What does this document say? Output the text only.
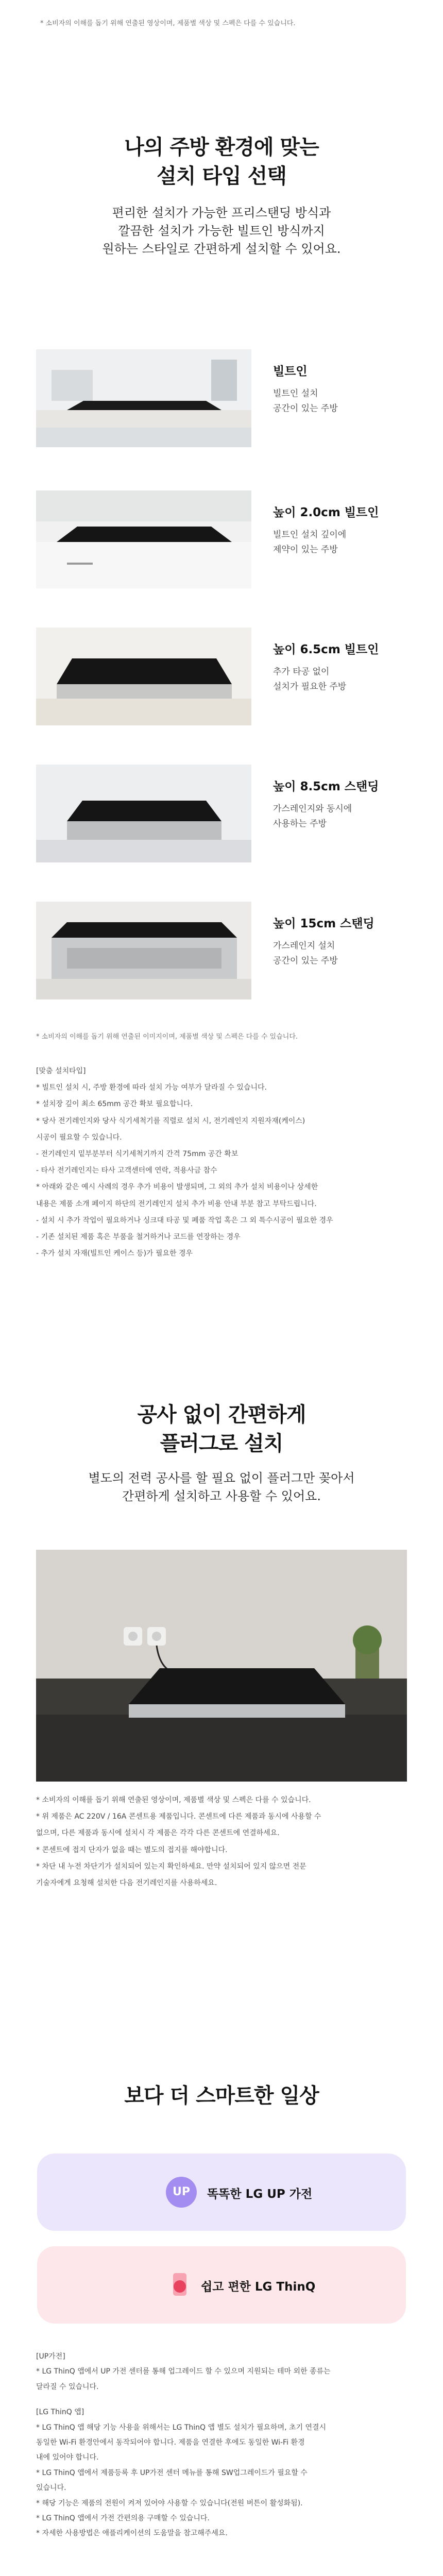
* 소비자의 이해를 돕기 위해 연출된 영상이며, 제품별 색상 및 스펙은 다를 수 있습니다.
나의 주방 환경에 맞는
설치 타입 선택
편리한 설치가 가능한 프리스탠딩 방식과
깔끔한 설치가 가능한 빌트인 방식까지
원하는 스타일로 간편하게 설치할 수 있어요.
빌트인
빌트인 설치
공간이 있는 주방
높이 2.0cm 빌트인
빌트인 설치 깊이에
제약이 있는 주방
높이 6.5cm 빌트인
추가 타공 없이
설치가 필요한 주방
높이 8.5cm 스탠딩
가스레인지와 동시에
사용하는 주방
높이 15cm 스탠딩
가스레인지 설치
공간이 있는 주방
* 소비자의 이해를 돕기 위해 연출된 이미지이며, 제품별 색상 및 스펙은 다를 수 있습니다.
[맞춤 설치타입]
* 빌트인 설치 시, 주방 환경에 따라 설치 가능 여부가 달라질 수 있습니다.
* 설치장 깊이 최소 65mm 공간 확보 필요합니다.
* 당사 전기레인지와 당사 식기세척기를 직렬로 설치 시, 전기레인지 지원자재(케이스)
시공이 필요할 수 있습니다.
- 전기레인지 밑부분부터 식기세척기까지 간격 75mm 공간 확보
- 타사 전기레인지는 타사 고객센터에 연락, 적용사금 참수
* 아래와 같은 예시 사례의 경우 추가 비용이 발생되며, 그 외의 추가 설치 비용이나 상세한
내용은 제품 소개 페이지 하단의 전기레인지 설치 추가 비용 안내 부분 참고 부탁드립니다.
- 설치 시 추가 작업이 필요하거나 싱크대 타공 및 폐품 작업 혹은 그 외 특수시공이 필요한 경우
- 기존 설치된 제품 혹은 부품을 철거하거나 코드를 연장하는 경우
- 추가 설치 자재(빌트인 케이스 등)가 필요한 경우
공사 없이 간편하게
플러그로 설치
별도의 전력 공사를 할 필요 없이 플러그만 꽂아서
간편하게 설치하고 사용할 수 있어요.
* 소비자의 이해를 돕기 위해 연출된 영상이며, 제품별 색상 및 스펙은 다를 수 있습니다.
* 위 제품은 AC 220V / 16A 콘센트용 제품입니다. 콘센트에 다른 제품과 동시에 사용할 수
없으며, 다른 제품과 동시에 설치시 각 제품은 각각 다른 콘센트에 연결하세요.
* 콘센트에 접지 단자가 없을 때는 별도의 접지를 해야합니다.
* 차단 내 누전 차단기가 설치되어 있는지 확인하세요. 만약 설치되어 있지 않으면 전문
기술자에게 요청해 설치한 다음 전기레인지를 사용하세요.
보다 더 스마트한 일상
UP	똑똑한 LG UP 가전
쉽고 편한 LG ThinQ
[UP가전]
* LG ThinQ 앱에서 UP 가전 센터를 통해 업그레이드 할 수 있으며 지원되는 테마 외한 종류는
달라질 수 있습니다.
[LG ThinQ 앱]
* LG ThinQ 앱 해당 기능 사용을 위해서는 LG ThinQ 앱 별도 설치가 필요하며, 초기 연결시
동일한 Wi-Fi 환경안에서 동작되어야 합니다. 제품을 연결한 후에도 동일한 Wi-Fi 환경
내에 있어야 합니다.
* LG ThinQ 앱에서 제품등록 후 UP가전 센터 메뉴를 통해 SW업그레이드가 필요할 수
있습니다.
* 해당 기능은 제품의 전원이 켜져 있어야 사용할 수 있습니다(전원 버튼이 활성화됨).
* LG ThinQ 앱에서 가전 간편의용 구매할 수 있습니다.
* 자세한 사용방법은 애플리케이션의 도움말을 참고해주세요.
